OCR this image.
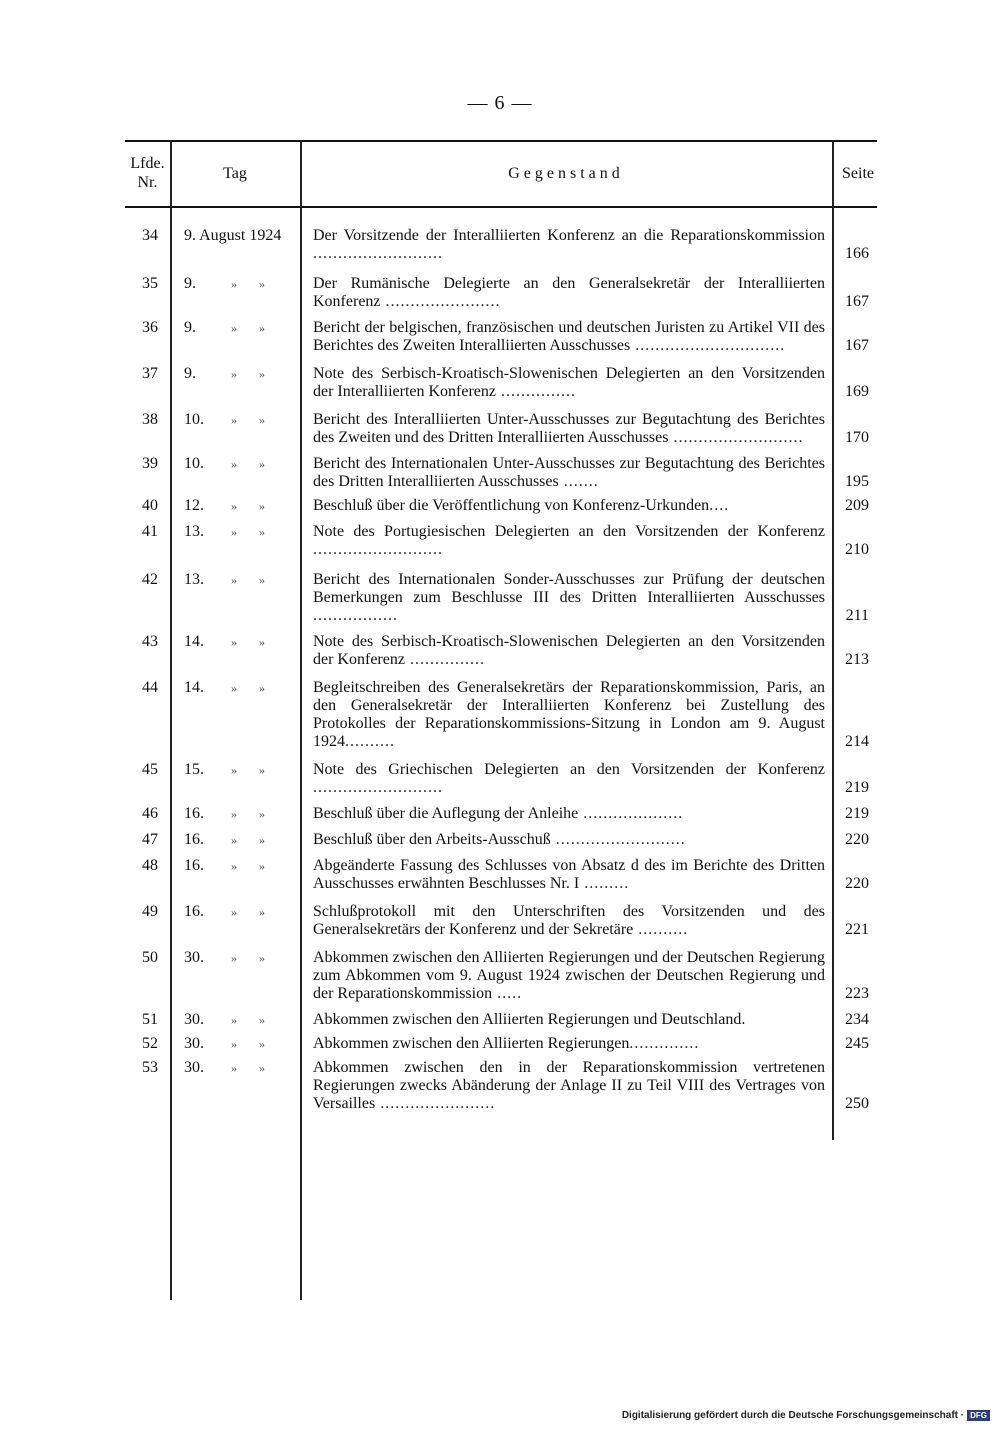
— 6 —
Lfde. Nr.
Tag	Gegenstand	Seite
34 9. August 1924	Der Vorsitzende der Interalliierten Konferenz an die Reparationskommission ..........................	166
35 9.	» »	Der Rumänische Delegierte an den Generalsekretär der Interalliierten Konferenz .......................	167
36 9.	» »	Bericht der belgischen, französischen und deutschen Juristen zu Artikel VII des Berichtes des Zweiten Interalliierten Ausschusses ..............................	167
37 9.	» »	Note des Serbisch-Kroatisch-Slowenischen Delegierten an den Vorsitzenden der Interalliierten Konferenz ...............	169
38 10. » »	Bericht des Interalliierten Unter-Ausschusses zur Begutachtung des Berichtes des Zweiten und des Dritten Interalliierten Ausschusses ..........................	170
39 10. » »	Bericht des Internationalen Unter-Ausschusses zur Begutachtung des Berichtes des Dritten Interalliierten Ausschusses .......	195
40 12. » »	Beschluß über die Veröffentlichung von Konferenz-Urkunden....	209
41 13. » »	Note des Portugiesischen Delegierten an den Vorsitzenden der Konferenz ..........................	210
42 13. » »	Bericht des Internationalen Sonder-Ausschusses zur Prüfung der deutschen Bemerkungen zum Beschlusse III des Dritten Interalliierten Ausschusses .................	211
43 14. » »	Note des Serbisch-Kroatisch-Slowenischen Delegierten an den Vorsitzenden der Konferenz ...............	213
44 14. » »	Begleitschreiben des Generalsekretärs der Reparationskommission, Paris, an den Generalsekretär der Interalliierten Konferenz bei Zustellung des Protokolles der Reparationskommissions-Sitzung in London am 9. August 1924..........	214
45 15. » »	Note des Griechischen Delegierten an den Vorsitzenden der Konferenz ..........................	219
46 16. » »	Beschluß über die Auflegung der Anleihe ....................	219
47 16. » »	Beschluß über den Arbeits-Ausschuß ..........................	220
48 16. » »	Abgeänderte Fassung des Schlusses von Absatz d des im Berichte des Dritten Ausschusses erwähnten Beschlusses Nr. I .........	220
49 16. » »	Schlußprotokoll mit den Unterschriften des Vorsitzenden und des Generalsekretärs der Konferenz und der Sekretäre ..........	221
50 30. » »	Abkommen zwischen den Alliierten Regierungen und der Deutschen Regierung zum Abkommen vom 9. August 1924 zwischen der Deutschen Regierung und der Reparationskommission .....	223
51 30. » »	Abkommen zwischen den Alliierten Regierungen und Deutschland.	234
52 30. » »	Abkommen zwischen den Alliierten Regierungen..............	245
53 30. » »	Abkommen zwischen den in der Reparationskommission vertretenen Regierungen zwecks Abänderung der Anlage II zu Teil VIII des Vertrages von Versailles .......................	250
Digitalisierung gefördert durch die Deutsche Forschungsgemeinschaft · DFG
